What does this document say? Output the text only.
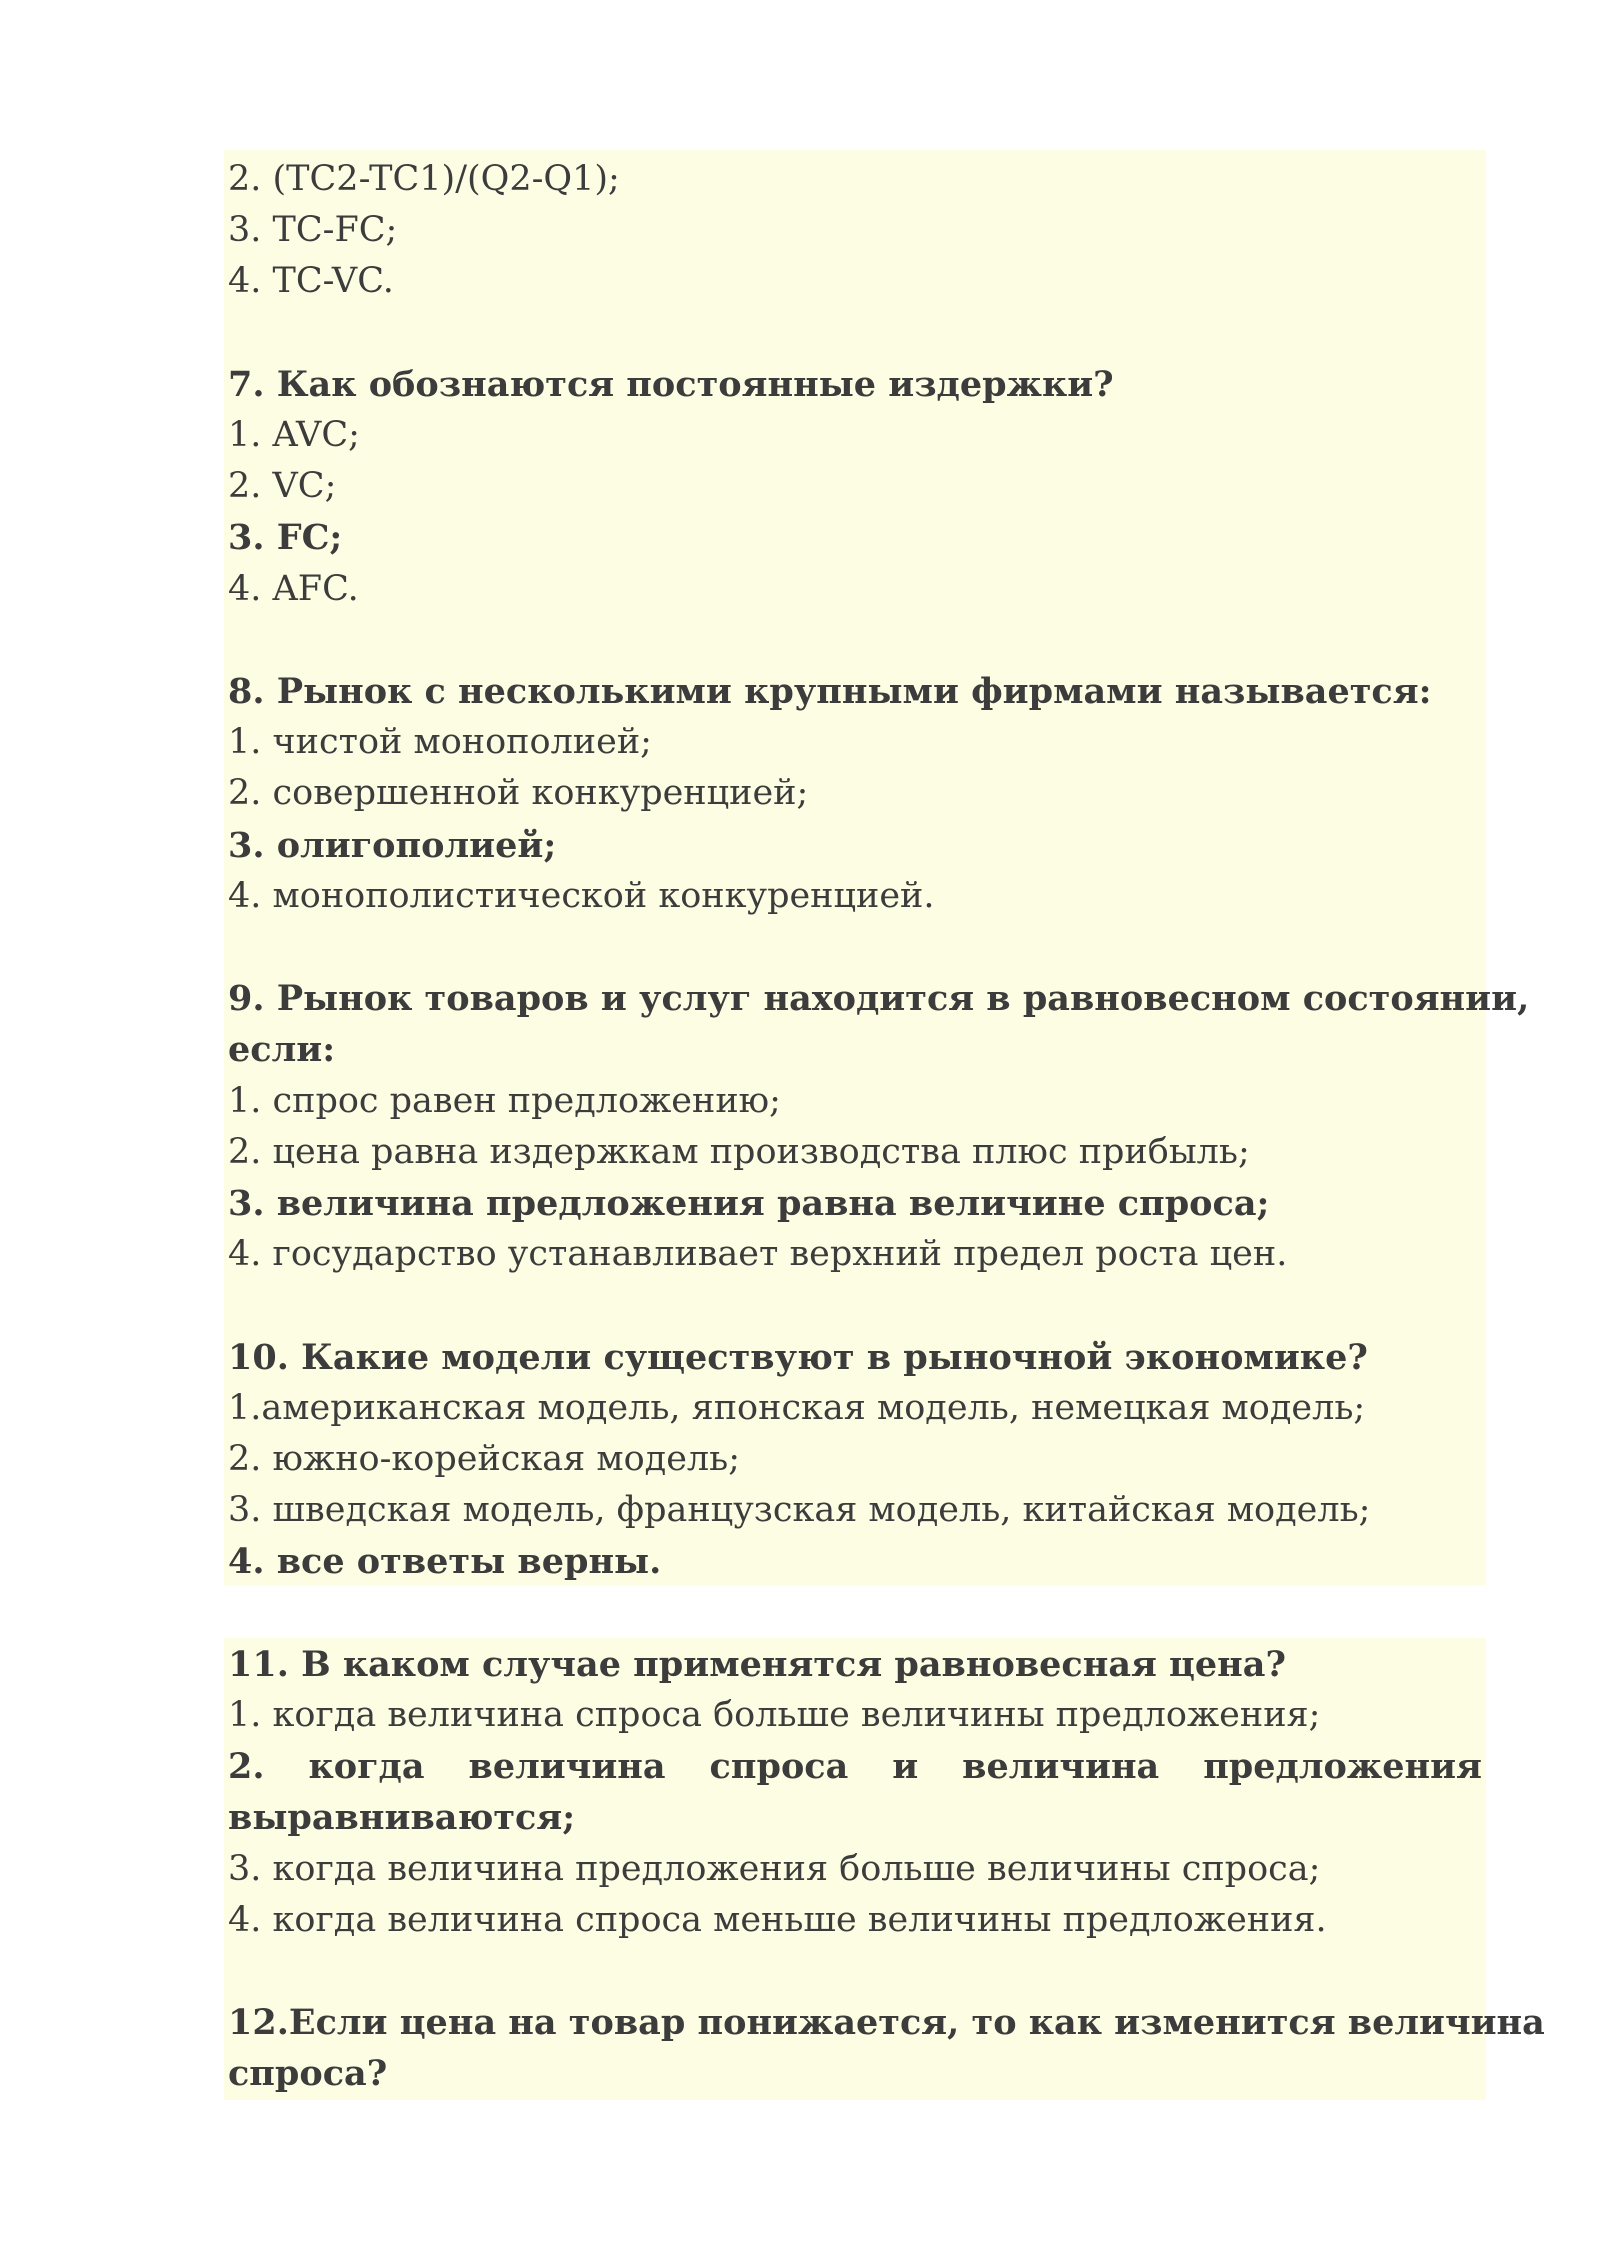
2. (TC2-TC1)/(Q2-Q1);
3. TC-FC;
4. TC-VC.
7. Как обознаются постоянные издержки?
1. AVC;
2. VC;
3. FC;
4. AFC.
8. Рынок с несколькими крупными фирмами называется:
1. чистой монополией;
2. совершенной конкуренцией;
3. олигополией;
4. монополистической конкуренцией.
9. Рынок товаров и услуг находится в равновесном состоянии,
если:
1. спрос равен предложению;
2. цена равна издержкам производства плюс прибыль;
3. величина предложения равна величине спроса;
4. государство устанавливает верхний предел роста цен.
10. Какие модели существуют в рыночной экономике?
1.американская модель, японская модель, немецкая модель;
2. южно-корейская модель;
3. шведская модель, французская модель, китайская модель;
4. все ответы верны.
11. В каком случае применятся равновесная цена?
1. когда величина спроса больше величины предложения;
2. когда величина спроса и величина предложения
выравниваются;
3. когда величина предложения больше величины спроса;
4. когда величина спроса меньше величины предложения.
12.Если цена на товар понижается, то как изменится величина
спроса?
